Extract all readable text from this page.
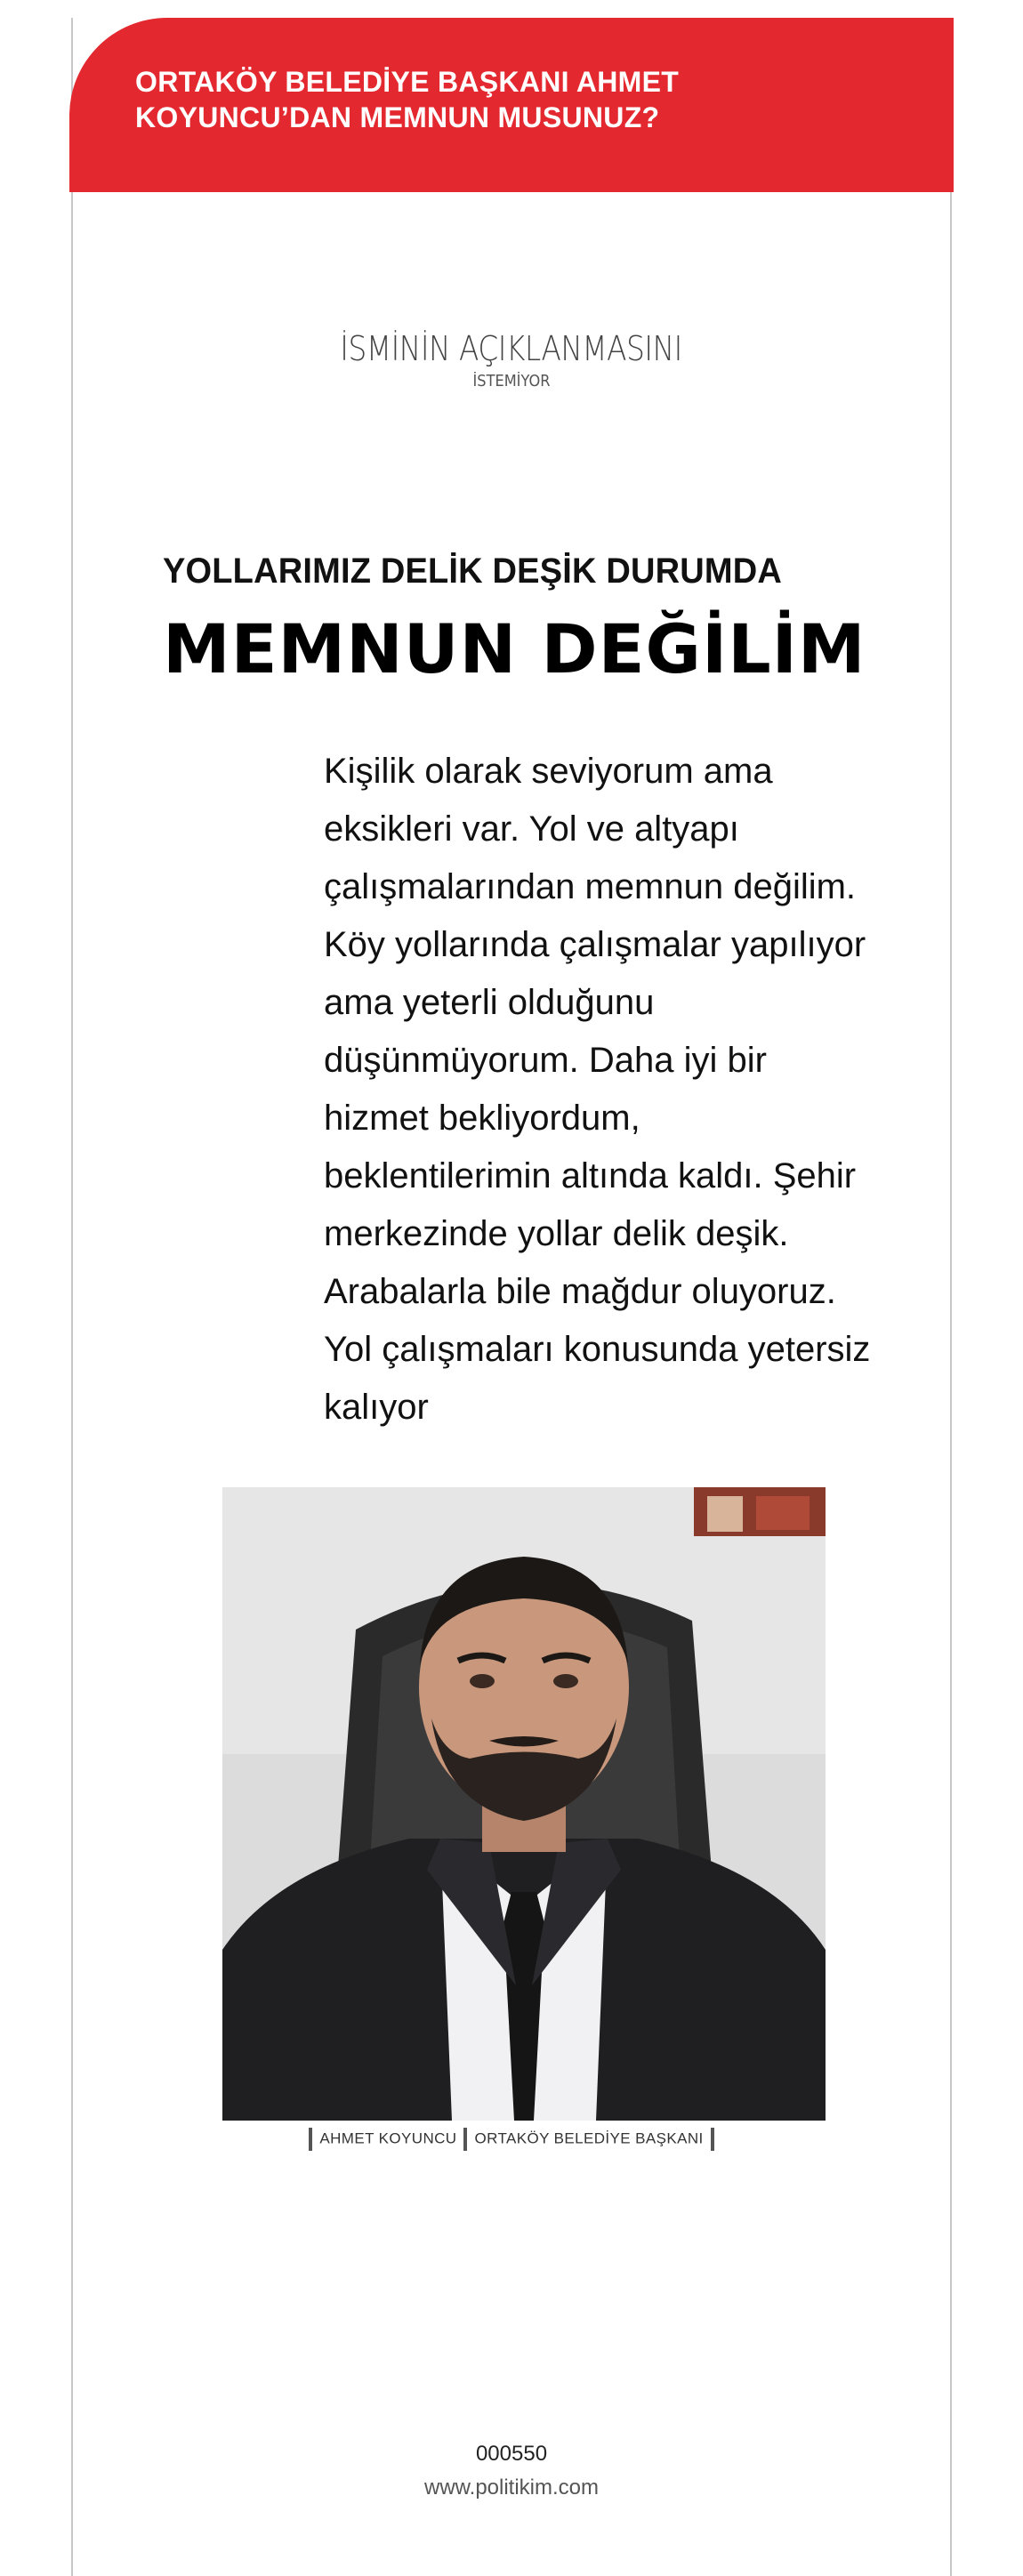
ORTAKÖY BELEDİYE BAŞKANI AHMET KOYUNCU’DAN MEMNUN MUSUNUZ?
İSMİNİN AÇIKLANMASINI
İSTEMİYOR
YOLLARIMIZ DELİK DEŞİK DURUMDA
MEMNUN DEĞİLİM

Kişilik olarak seviyorum ama eksikleri var. Yol ve altyapı çalışmalarından memnun değilim. Köy yollarında çalışmalar yapılıyor ama yeterli olduğunu düşünmüyorum. Daha iyi bir hizmet bekliyordum, beklentilerimin altında kaldı. Şehir merkezinde yollar delik deşik. Arabalarla bile mağdur oluyoruz. Yol çalışmaları konusunda yetersiz kalıyor

AHMET KOYUNCU ORTAKÖY BELEDİYE BAŞKANI
000550
www.politikim.com
